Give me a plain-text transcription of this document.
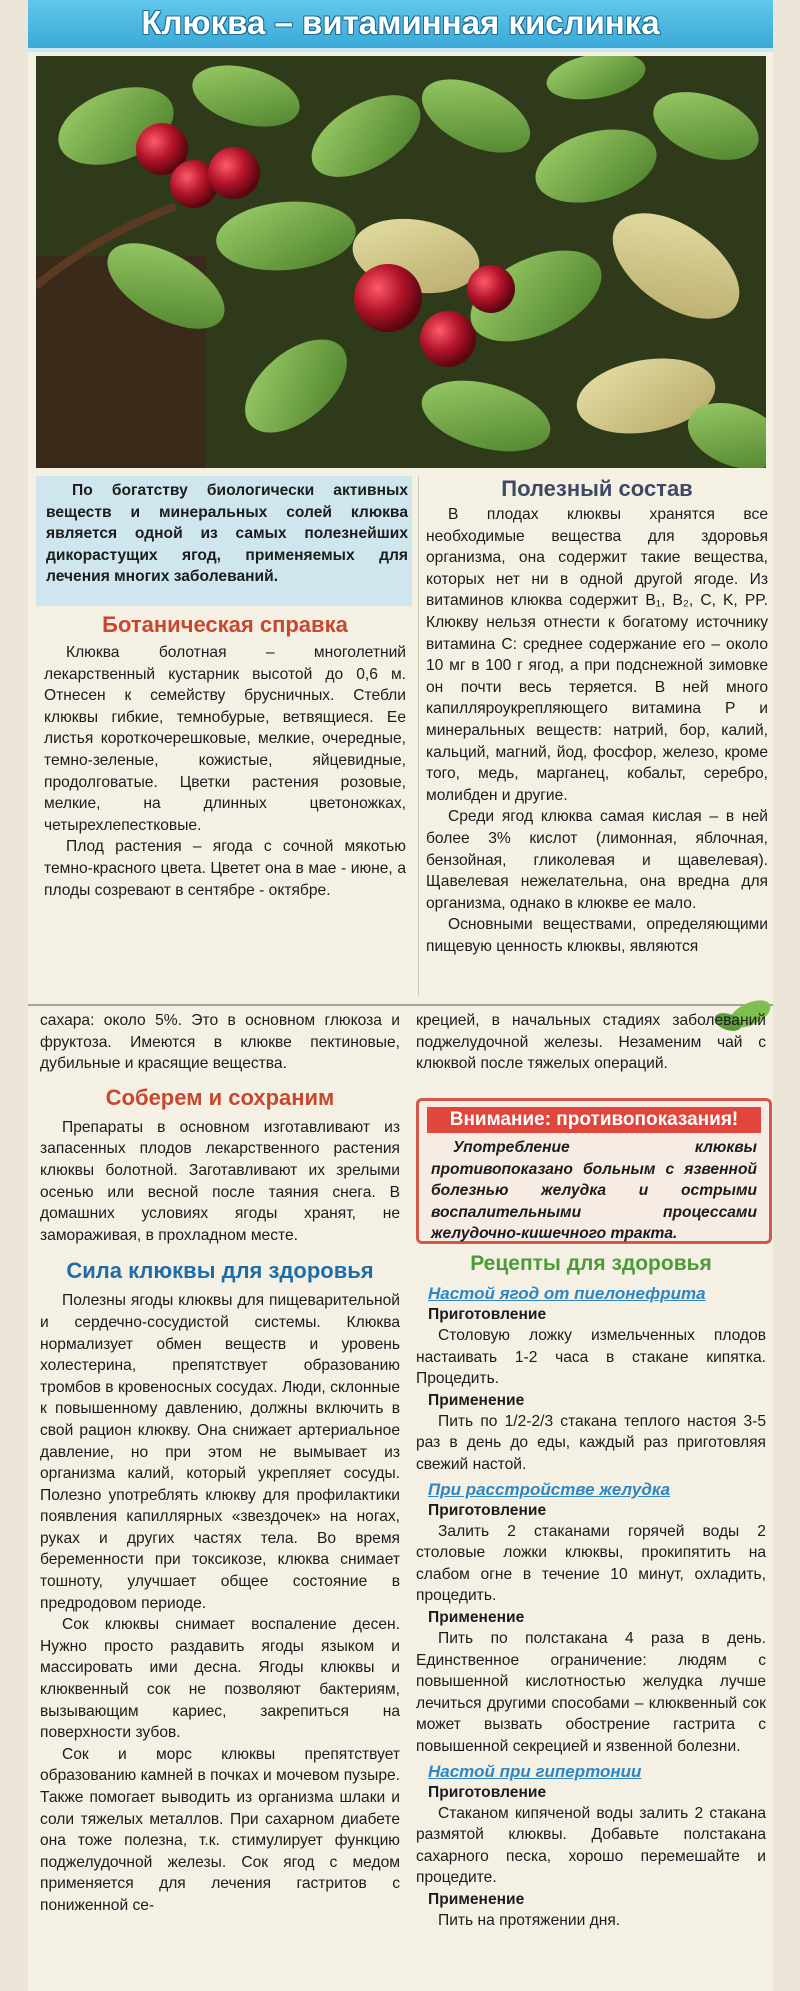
Клюква – витаминная кислинка

По богатству биологически активных веществ и минеральных солей клюква является одной из самых полезнейших дикорастущих ягод, применяемых для лечения многих заболеваний.

Ботаническая справка

Клюква болотная – многолетний лекарственный кустарник высотой до 0,6 м. Отнесен к семейству брусничных. Стебли клюквы гибкие, темнобурые, ветвящиеся. Ее листья короткочерешковые, мелкие, очередные, темно-зеленые, кожистые, яйцевидные, продолговатые. Цветки растения розовые, мелкие, на длинных цветоножках, четырехлепестковые.

Плод растения – ягода с сочной мякотью темно-красного цвета. Цветет она в мае - июне, а плоды созревают в сентябре - октябре.

Полезный состав

В плодах клюквы хранятся все необходимые вещества для здоровья организма, она содержит такие вещества, которых нет ни в одной другой ягоде. Из витаминов клюква содержит B₁, B₂, C, K, PP. Клюкву нельзя отнести к богатому источнику витамина С: среднее содержание его – около 10 мг в 100 г ягод, а при подснежной зимовке он почти весь теряется. В ней много капилляроукрепляющего витамина Р и минеральных веществ: натрий, бор, калий, кальций, магний, йод, фосфор, железо, кроме того, медь, марганец, кобальт, серебро, молибден и другие.

Среди ягод клюква самая кислая – в ней более 3% кислот (лимонная, яблочная, бензойная, гликолевая и щавелевая). Щавелевая нежелательна, она вредна для организма, однако в клюкве ее мало.

Основными веществами, определяющими пищевую ценность клюквы, являются

сахара: около 5%. Это в основном глюкоза и фруктоза. Имеются в клюкве пектиновые, дубильные и красящие вещества.

Соберем и сохраним

Препараты в основном изготавливают из запасенных плодов лекарственного растения клюквы болотной. Заготавливают их зрелыми осенью или весной после таяния снега. В домашних условиях ягоды хранят, не замораживая, в прохладном месте.

Сила клюквы для здоровья

Полезны ягоды клюквы для пищеварительной и сердечно-сосудистой системы. Клюква нормализует обмен веществ и уровень холестерина, препятствует образованию тромбов в кровеносных сосудах. Люди, склонные к повышенному давлению, должны включить в свой рацион клюкву. Она снижает артериальное давление, но при этом не вымывает из организма калий, который укрепляет сосуды. Полезно употреблять клюкву для профилактики появления капиллярных «звездочек» на ногах, руках и других частях тела. Во время беременности при токсикозе, клюква снимает тошноту, улучшает общее состояние в предродовом периоде.

Сок клюквы снимает воспаление десен. Нужно просто раздавить ягоды языком и массировать ими десна. Ягоды клюквы и клюквенный сок не позволяют бактериям, вызывающим кариес, закрепиться на поверхности зубов.

Сок и морс клюквы препятствует образованию камней в почках и мочевом пузыре. Также помогает выводить из организма шлаки и соли тяжелых металлов. При сахарном диабете она тоже полезна, т.к. стимулирует функцию поджелудочной железы. Сок ягод с медом применяется для лечения гастритов с пониженной се-

крецией, в начальных стадиях заболеваний поджелудочной железы. Незаменим чай с клюквой после тяжелых операций.

Внимание: противопоказания!

Употребление клюквы противопоказано больным с язвенной болезнью желудка и острыми воспалительными процессами желудочно-кишечного тракта.

Рецепты для здоровья
Настой ягод от пиелонефрита
Приготовление

Столовую ложку измельченных плодов настаивать 1-2 часа в стакане кипятка. Процедить.

Применение

Пить по 1/2-2/3 стакана теплого настоя 3-5 раз в день до еды, каждый раз приготовляя свежий настой.

При расстройстве желудка
Приготовление

Залить 2 стаканами горячей воды 2 столовые ложки клюквы, прокипятить на слабом огне в течение 10 минут, охладить, процедить.

Применение

Пить по полстакана 4 раза в день. Единственное ограничение: людям с повышенной кислотностью желудка лучше лечиться другими способами – клюквенный сок может вызвать обострение гастрита с повышенной секрецией и язвенной болезни.

Настой при гипертонии
Приготовление

Стаканом кипяченой воды залить 2 стакана размятой клюквы. Добавьте полстакана сахарного песка, хорошо перемешайте и процедите.

Применение

Пить на протяжении дня.
